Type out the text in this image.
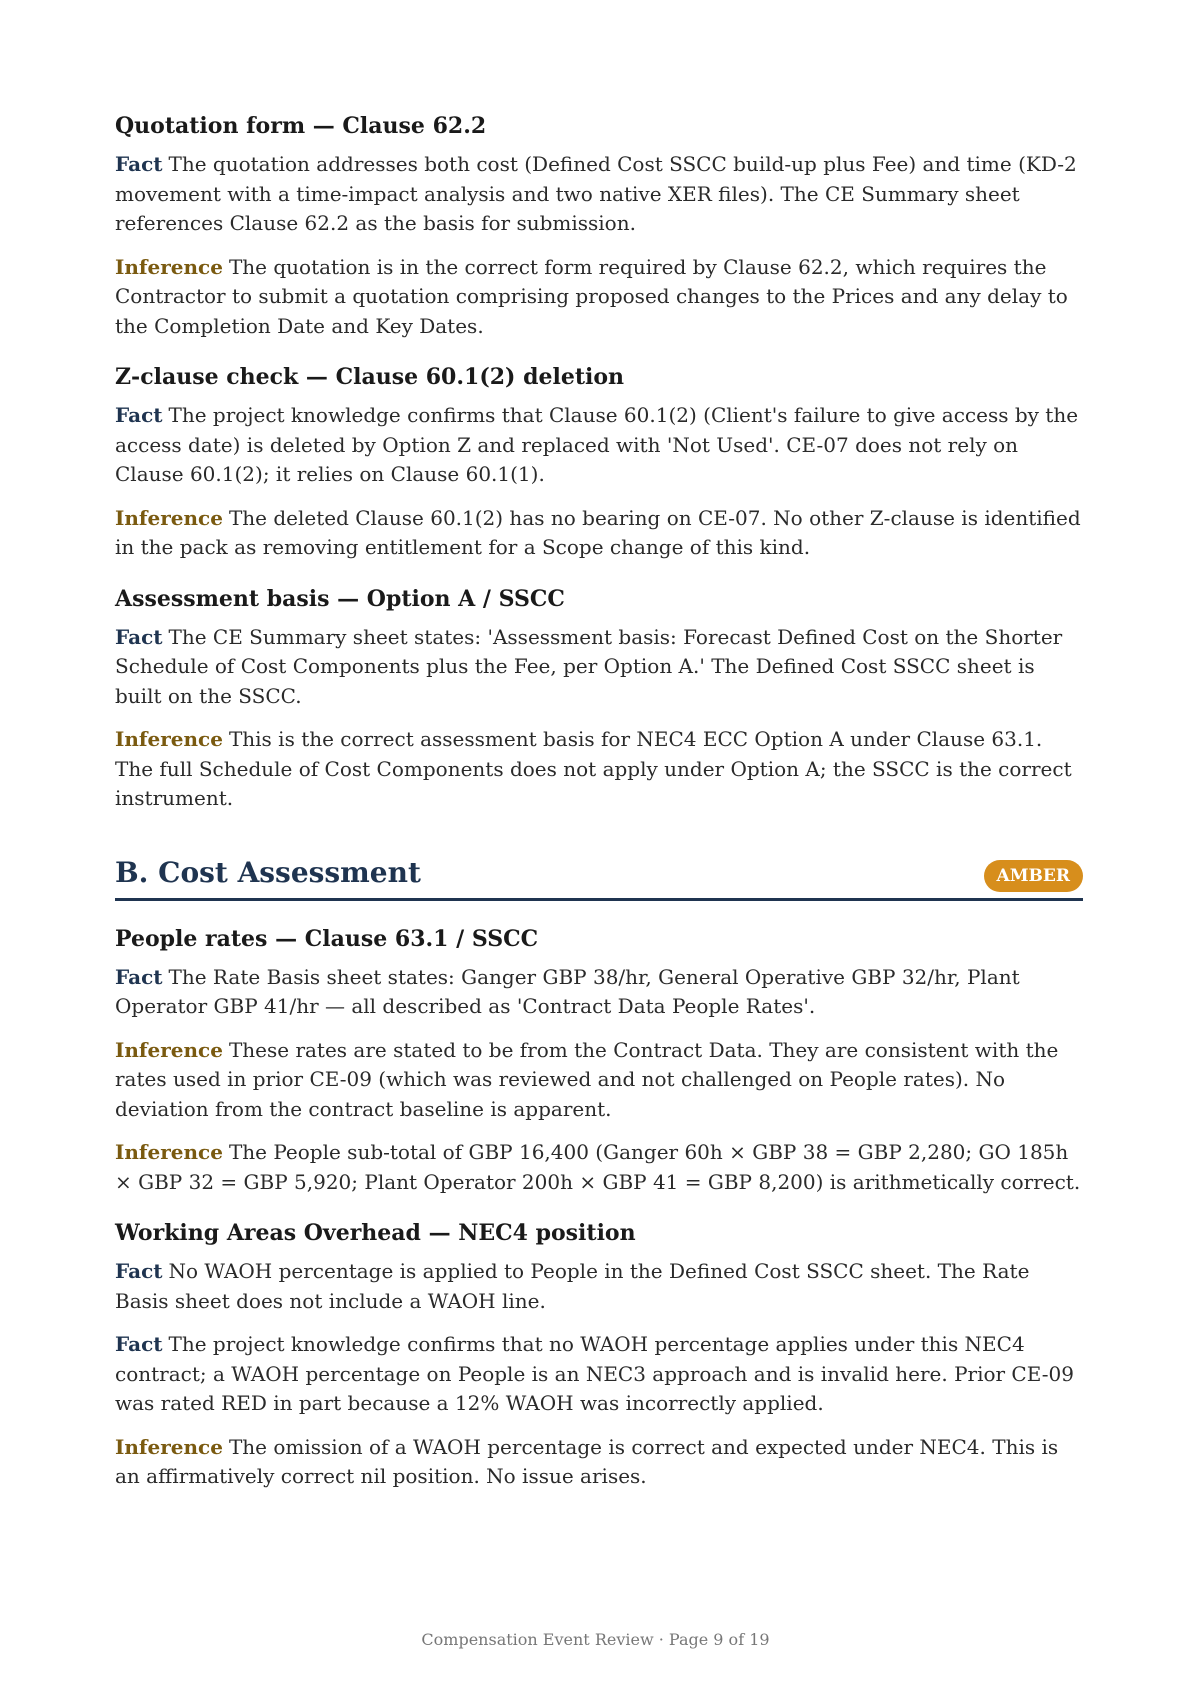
Quotation form — Clause 62.2

Fact The quotation addresses both cost (Defined Cost SSCC build-up plus Fee) and time (KD-2 movement with a time-impact analysis and two native XER files). The CE Summary sheet references Clause 62.2 as the basis for submission.

Inference The quotation is in the correct form required by Clause 62.2, which requires the Contractor to submit a quotation comprising proposed changes to the Prices and any delay to the Completion Date and Key Dates.

Z-clause check — Clause 60.1(2) deletion

Fact The project knowledge confirms that Clause 60.1(2) (Client's failure to give access by the access date) is deleted by Option Z and replaced with 'Not Used'. CE-07 does not rely on Clause 60.1(2); it relies on Clause 60.1(1).

Inference The deleted Clause 60.1(2) has no bearing on CE-07. No other Z-clause is identified in the pack as removing entitlement for a Scope change of this kind.

Assessment basis — Option A / SSCC

Fact The CE Summary sheet states: 'Assessment basis: Forecast Defined Cost on the Shorter Schedule of Cost Components plus the Fee, per Option A.' The Defined Cost SSCC sheet is built on the SSCC.

Inference This is the correct assessment basis for NEC4 ECC Option A under Clause 63.1. The full Schedule of Cost Components does not apply under Option A; the SSCC is the correct instrument.

B. Cost Assessment	AMBER
People rates — Clause 63.1 / SSCC

Fact The Rate Basis sheet states: Ganger GBP 38/hr, General Operative GBP 32/hr, Plant Operator GBP 41/hr — all described as 'Contract Data People Rates'.

Inference These rates are stated to be from the Contract Data. They are consistent with the rates used in prior CE-09 (which was reviewed and not challenged on People rates). No deviation from the contract baseline is apparent.

Inference The People sub-total of GBP 16,400 (Ganger 60h × GBP 38 = GBP 2,280; GO 185h × GBP 32 = GBP 5,920; Plant Operator 200h × GBP 41 = GBP 8,200) is arithmetically correct.

Working Areas Overhead — NEC4 position

Fact No WAOH percentage is applied to People in the Defined Cost SSCC sheet. The Rate Basis sheet does not include a WAOH line.

Fact The project knowledge confirms that no WAOH percentage applies under this NEC4 contract; a WAOH percentage on People is an NEC3 approach and is invalid here. Prior CE-09 was rated RED in part because a 12% WAOH was incorrectly applied.

Inference The omission of a WAOH percentage is correct and expected under NEC4. This is an affirmatively correct nil position. No issue arises.

Compensation Event Review · Page 9 of 19
